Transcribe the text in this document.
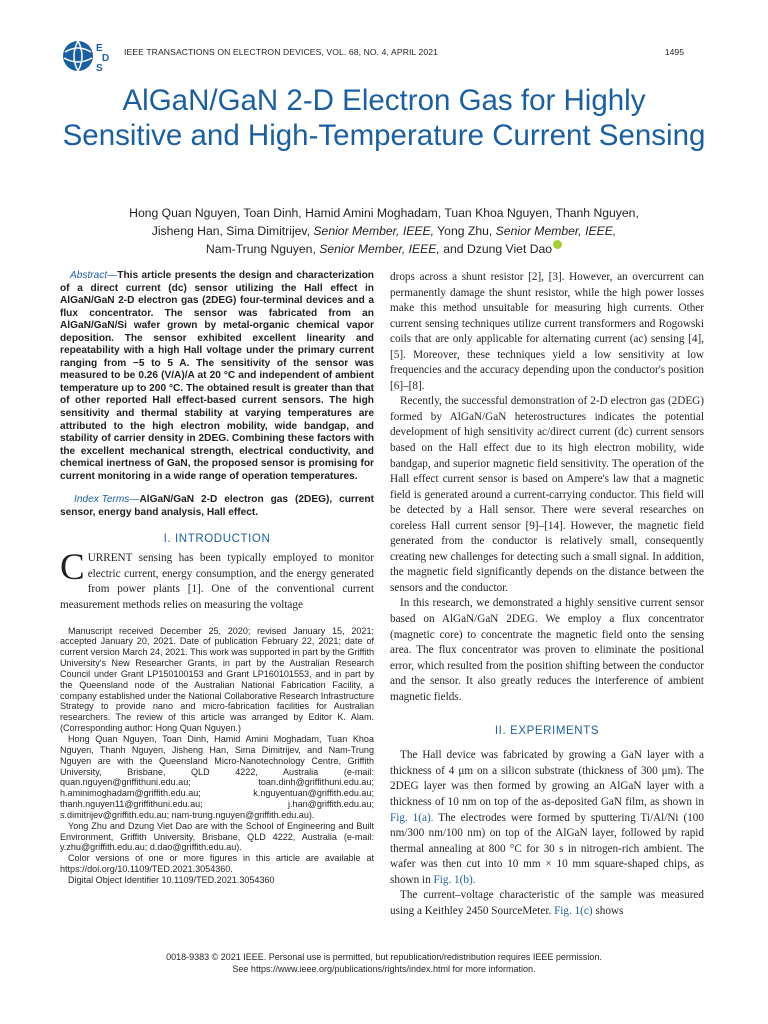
E
D
S
IEEE TRANSACTIONS ON ELECTRON DEVICES, VOL. 68, NO. 4, APRIL 2021	1495
AlGaN/GaN 2-D Electron Gas for Highly Sensitive and High-Temperature Current Sensing
Hong Quan Nguyen, Toan Dinh, Hamid Amini Moghadam, Tuan Khoa Nguyen, Thanh Nguyen,
Jisheng Han, Sima Dimitrijev, Senior Member, IEEE, Yong Zhu, Senior Member, IEEE,
Nam-Trung Nguyen, Senior Member, IEEE, and Dzung Viet Dao
Abstract—This article presents the design and characterization of a direct current (dc) sensor utilizing the Hall effect in AlGaN/GaN 2-D electron gas (2DEG) four-terminal devices and a flux concentrator. The sensor was fabricated from an AlGaN/GaN/Si wafer grown by metal-organic chemical vapor deposition. The sensor exhibited excellent linearity and repeatability with a high Hall voltage under the primary current ranging from −5 to 5 A. The sensitivity of the sensor was measured to be 0.26 (V/A)/A at 20 °C and independent of ambient temperature up to 200 °C. The obtained result is greater than that of other reported Hall effect-based current sensors. The high sensitivity and thermal stability at varying temperatures are attributed to the high electron mobility, wide bandgap, and stability of carrier density in 2DEG. Combining these factors with the excellent mechanical strength, electrical conductivity, and chemical inertness of GaN, the proposed sensor is promising for current monitoring in a wide range of operation temperatures.
Index Terms—AlGaN/GaN 2-D electron gas (2DEG), current sensor, energy band analysis, Hall effect.
I. INTRODUCTION
CURRENT sensing has been typically employed to monitor electric current, energy consumption, and the energy generated from power plants [1]. One of the conventional current measurement methods relies on measuring the voltage

Manuscript received December 25, 2020; revised January 15, 2021; accepted January 20, 2021. Date of publication February 22, 2021; date of current version March 24, 2021. This work was supported in part by the Griffith University's New Researcher Grants, in part by the Australian Research Council under Grant LP150100153 and Grant LP160101553, and in part by the Queensland node of the Australian National Fabrication Facility, a company established under the National Collaborative Research Infrastructure Strategy to provide nano and micro-fabrication facilities for Australian researchers. The review of this article was arranged by Editor K. Alam. (Corresponding author: Hong Quan Nguyen.)

Hong Quan Nguyen, Toan Dinh, Hamid Amini Moghadam, Tuan Khoa Nguyen, Thanh Nguyen, Jisheng Han, Sima Dimitrijev, and Nam-Trung Nguyen are with the Queensland Micro-Nanotechnology Centre, Griffith University, Brisbane, QLD 4222, Australia (e-mail: quan.nguyen@griffithuni.edu.au; toan.dinh@griffithuni.edu.au; h.aminimoghadam@griffith.edu.au; k.nguyentuan@griffith.edu.au; thanh.nguyen11@griffithuni.edu.au; j.han@griffith.edu.au; s.dimitrijev@griffith.edu.au; nam-trung.nguyen@griffith.edu.au).

Yong Zhu and Dzung Viet Dao are with the School of Engineering and Built Environment, Griffith University, Brisbane, QLD 4222, Australia (e-mail: y.zhu@griffith.edu.au; d.dao@griffith.edu.au).

Color versions of one or more figures in this article are available at https://doi.org/10.1109/TED.2021.3054360.

Digital Object Identifier 10.1109/TED.2021.3054360

drops across a shunt resistor [2], [3]. However, an overcurrent can permanently damage the shunt resistor, while the high power losses make this method unsuitable for measuring high currents. Other current sensing techniques utilize current transformers and Rogowski coils that are only applicable for alternating current (ac) sensing [4], [5]. Moreover, these techniques yield a low sensitivity at low frequencies and the accuracy depending upon the conductor's position [6]–[8].

Recently, the successful demonstration of 2-D electron gas (2DEG) formed by AlGaN/GaN heterostructures indicates the potential development of high sensitivity ac/direct current (dc) current sensors based on the Hall effect due to its high electron mobility, wide bandgap, and superior magnetic field sensitivity. The operation of the Hall effect current sensor is based on Ampere's law that a magnetic field is generated around a current-carrying conductor. This field will be detected by a Hall sensor. There were several researches on coreless Hall current sensor [9]–[14]. However, the magnetic field generated from the conductor is relatively small, consequently creating new challenges for detecting such a small signal. In addition, the magnetic field significantly depends on the distance between the sensors and the conductor.

In this research, we demonstrated a highly sensitive current sensor based on AlGaN/GaN 2DEG. We employ a flux concentrator (magnetic core) to concentrate the magnetic field onto the sensing area. The flux concentrator was proven to eliminate the positional error, which resulted from the position shifting between the conductor and the sensor. It also greatly reduces the interference of ambient magnetic fields.

II. EXPERIMENTS

The Hall device was fabricated by growing a GaN layer with a thickness of 4 μm on a silicon substrate (thickness of 300 μm). The 2DEG layer was then formed by growing an AlGaN layer with a thickness of 10 nm on top of the as-deposited GaN film, as shown in Fig. 1(a). The electrodes were formed by sputtering Ti/Al/Ni (100 nm/300 nm/100 nm) on top of the AlGaN layer, followed by rapid thermal annealing at 800 °C for 30 s in nitrogen-rich ambient. The wafer was then cut into 10 mm × 10 mm square-shaped chips, as shown in Fig. 1(b).

The current–voltage characteristic of the sample was measured using a Keithley 2450 SourceMeter. Fig. 1(c) shows

0018-9383 © 2021 IEEE. Personal use is permitted, but republication/redistribution requires IEEE permission.
See https://www.ieee.org/publications/rights/index.html for more information.
